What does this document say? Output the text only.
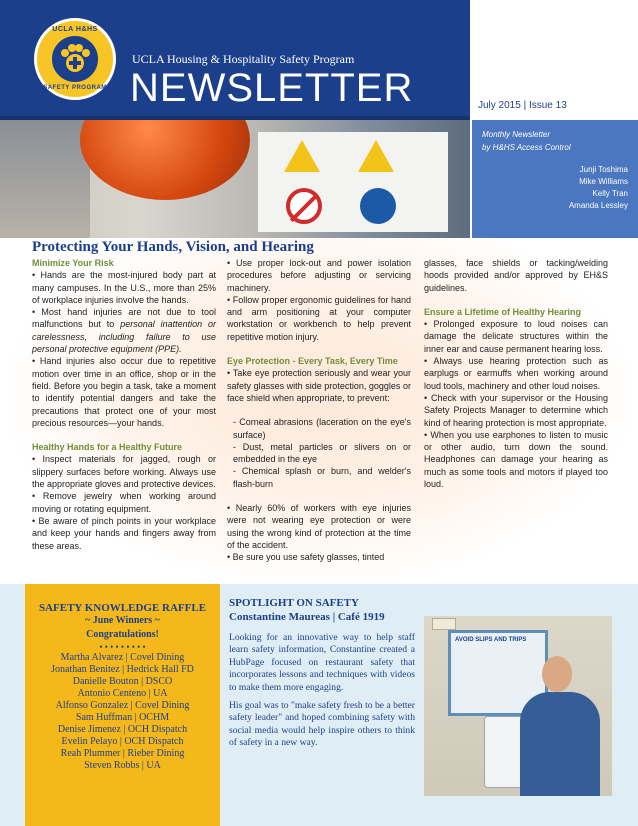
UCLA H&HS
SAFETY PROGRAM
UCLA Housing & Hospitality Safety Program
NEWSLETTER	July 2015 | Issue 13
Monthly Newsletter
by H&HS Access Control
Junji Toshima
Mike Williams
Kelly Tran
Amanda Lessley
Protecting Your Hands, Vision, and Hearing
Minimize Your Risk
• Hands are the most-injured body part at many campuses. In the U.S., more than 25% of workplace injuries involve the hands.
• Most hand injuries are not due to tool malfunctions but to personal inattention or carelessness, including failure to use personal protective equipment (PPE).
• Hand injuries also occur due to repetitive motion over time in an office, shop or in the field. Before you begin a task, take a moment to identify potential dangers and take the precautions that protect one of your most precious resources—your hands.
Healthy Hands for a Healthy Future
• Inspect materials for jagged, rough or slippery surfaces before working. Always use the appropriate gloves and protective devices.
• Remove jewelry when working around moving or rotating equipment.
• Be aware of pinch points in your workplace and keep your hands and fingers away from these areas.
• Use proper lock-out and power isolation procedures before adjusting or servicing machinery.
• Follow proper ergonomic guidelines for hand and arm positioning at your computer workstation or workbench to help prevent repetitive motion injury.
Eye Protection - Every Task, Every Time
• Take eye protection seriously and wear your safety glasses with side protection, goggles or face shield when appropriate, to prevent:
- Corneal abrasions (laceration on the eye's surface)
- Dust, metal particles or slivers on or embedded in the eye
- Chemical splash or burn, and welder's flash-burn
• Nearly 60% of workers with eye injuries were not wearing eye protection or were using the wrong kind of protection at the time of the accident.
• Be sure you use safety glasses, tinted
glasses, face shields or tacking/welding hoods provided and/or approved by EH&S guidelines.
Ensure a Lifetime of Healthy Hearing
• Prolonged exposure to loud noises can damage the delicate structures within the inner ear and cause permanent hearing loss.
• Always use hearing protection such as earplugs or earmuffs when working around loud tools, machinery and other loud noises.
• Check with your supervisor or the Housing Safety Projects Manager to determine which kind of hearing protection is most appropriate.
• When you use earphones to listen to music or other audio, turn down the sound. Headphones can damage your hearing as much as some tools and motors if played too loud.
SAFETY KNOWLEDGE RAFFLE
~ June Winners ~
Congratulations!
• • • • • • • • •
Martha Alvarez | Covel Dining
Jonathan Benitez | Hedrick Hall FD
Danielle Bouton | DSCO
Antonio Centeno | UA
Alfonso Gonzalez | Covel Dining
Sam Huffman | OCHM
Denise Jimenez | OCH Dispatch
Evelin Pelayo | OCH Dispatch
Reah Plummer | Rieber Dining
Steven Robbs | UA
SPOTLIGHT ON SAFETY
Constantine Maureas | Café 1919
Looking for an innovative way to help staff learn safety information, Constantine created a HubPage focused on restaurant safety that incorporates lessons and techniques with videos to make them more engaging.
His goal was to "make safety fresh to be a better safety leader" and hoped combining safety with social media would help inspire others to think of safety in a new way.
AVOID SLIPS AND TRIPS
